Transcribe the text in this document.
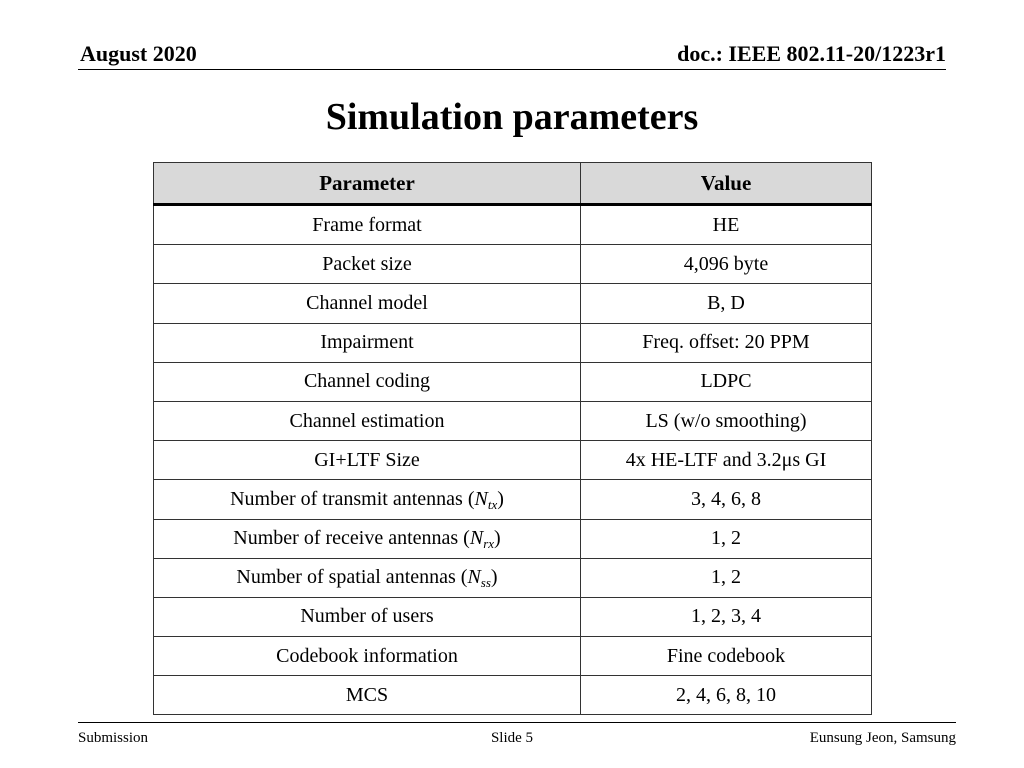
August 2020	doc.: IEEE 802.11-20/1223r1
Simulation parameters
Parameter	Value
Frame format	HE
Packet size	4,096 byte
Channel model	B, D
Impairment	Freq. offset: 20 PPM
Channel coding	LDPC
Channel estimation	LS (w/o smoothing)
GI+LTF Size	4x HE-LTF and 3.2μs GI
Number of transmit antennas $(N_{tx})$	3, 4, 6, 8
Number of receive antennas $(N_{rx})$	1, 2
Number of spatial antennas $(N_{ss})$	1, 2
Number of users	1, 2, 3, 4
Codebook information	Fine codebook
MCS	2, 4, 6, 8, 10
Submission	Slide 5	Eunsung Jeon, Samsung
